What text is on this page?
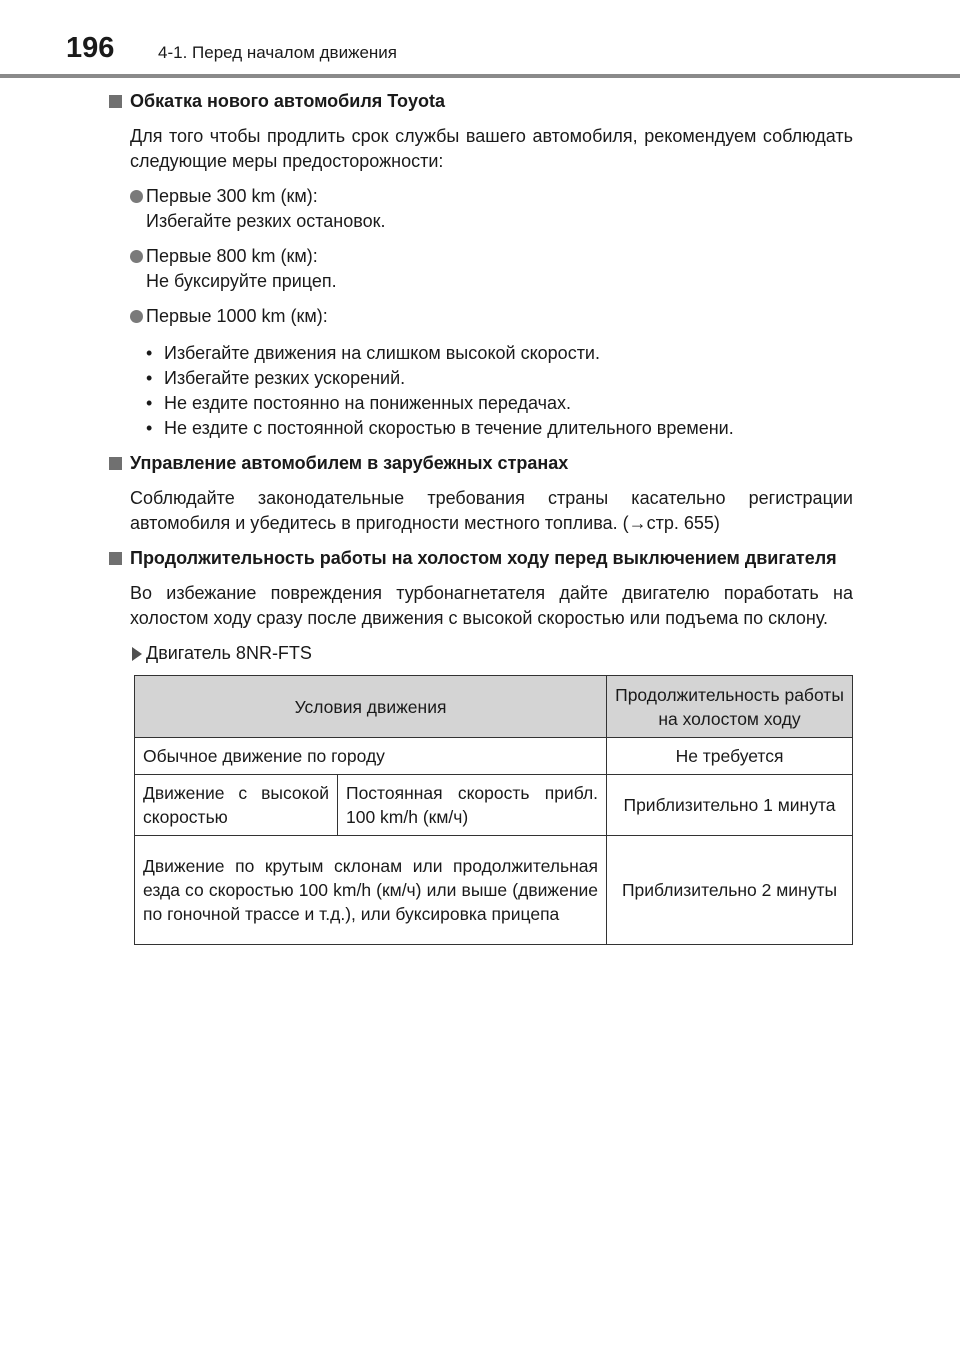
196	4-1. Перед началом движения
Обкатка нового автомобиля Toyota
Для того чтобы продлить срок службы вашего автомобиля, рекомендуем соблюдать следующие меры предосторожности:
Первые 300 km (км):
Избегайте резких остановок.
Первые 800 km (км):
Не буксируйте прицеп.
Первые 1000 km (км):
• Избегайте движения на слишком высокой скорости.
• Избегайте резких ускорений.
• Не ездите постоянно на пониженных передачах.
• Не ездите с постоянной скоростью в течение длительного времени.
Управление автомобилем в зарубежных странах
Соблюдайте законодательные требования страны касательно регистрации автомобиля и убедитесь в пригодности местного топлива. (→стр. 655)
Продолжительность работы на холостом ходу перед выключением двигателя
Во избежание повреждения турбонагнетателя дайте двигателю поработать на холостом ходу сразу после движения с высокой скоростью или подъема по склону.
Двигатель 8NR-FTS
Условия движения		Продолжительность работы на холостом ходу
Обычное движение по городу		Не требуется
Движение с высокой скоростью	Постоянная скорость прибл. 100 km/h (км/ч)	Приблизительно 1 минута
Движение по крутым склонам или продолжительная езда со скоростью 100 km/h (км/ч) или выше (движение по гоночной трассе и т.д.), или буксировка прицепа		Приблизительно 2 минуты
